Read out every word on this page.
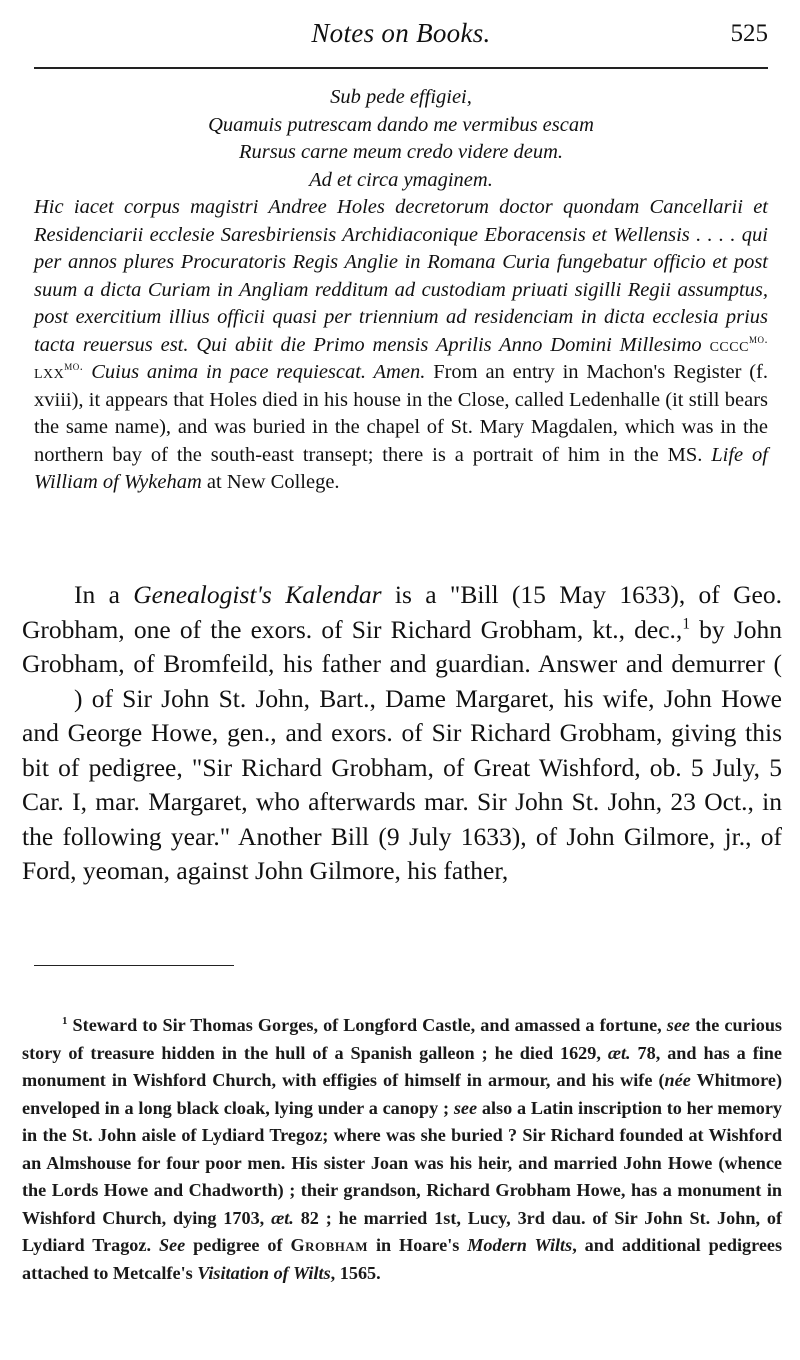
Notes on Books.	525

Sub pede effigiei,
Quamuis putrescam dando me vermibus escam
Rursus carne meum credo videre deum.
Ad et circa ymaginem.

Hic iacet corpus magistri Andree Holes decretorum doctor quondam Cancellarii et Residenciarii ecclesie Saresbiriensis Archidiaconique Eboracensis et Wellensis . . . . qui per annos plures Procuratoris Regis Anglie in Romana Curia fungebatur officio et post suum a dicta Curiam in Angliam redditum ad custodiam priuati sigilli Regii assumptus, post exercitium illius officii quasi per triennium ad residenciam in dicta ecclesia prius tacta reuersus est. Qui abiit die Primo mensis Aprilis Anno Domini Millesimo cccc$^{mo.}$ lxx$^{mo.}$ Cuius anima in pace requiescat. Amen. From an entry in Machon's Register (f. xviii), it appears that Holes died in his house in the Close, called Ledenhalle (it still bears the same name), and was buried in the chapel of St. Mary Magdalen, which was in the northern bay of the south-east transept; there is a portrait of him in the MS. Life of William of Wykeham at New College.

In a Genealogist's Kalendar is a "Bill (15 May 1633), of Geo. Grobham, one of the exors. of Sir Richard Grobham, kt., dec.,$^1$ by John Grobham, of Bromfeild, his father and guardian. Answer and demurrer () of Sir John St. John, Bart., Dame Margaret, his wife, John Howe and George Howe, gen., and exors. of Sir Richard Grobham, giving this bit of pedigree, "Sir Richard Grobham, of Great Wishford, ob. 5 July, 5 Car. I, mar. Margaret, who afterwards mar. Sir John St. John, 23 Oct., in the following year." Another Bill (9 July 1633), of John Gilmore, jr., of Ford, yeoman, against John Gilmore, his father,

$^1$ Steward to Sir Thomas Gorges, of Longford Castle, and amassed a fortune, see the curious story of treasure hidden in the hull of a Spanish galleon ; he died 1629, æt. 78, and has a fine monument in Wishford Church, with effigies of himself in armour, and his wife (née Whitmore) enveloped in a long black cloak, lying under a canopy ; see also a Latin inscription to her memory in the St. John aisle of Lydiard Tregoz; where was she buried ? Sir Richard founded at Wishford an Almshouse for four poor men. His sister Joan was his heir, and married John Howe (whence the Lords Howe and Chadworth) ; their grandson, Richard Grobham Howe, has a monument in Wishford Church, dying 1703, æt. 82 ; he married 1st, Lucy, 3rd dau. of Sir John St. John, of Lydiard Tragoz. See pedigree of Grobham in Hoare's Modern Wilts, and additional pedigrees attached to Metcalfe's Visitation of Wilts, 1565.
